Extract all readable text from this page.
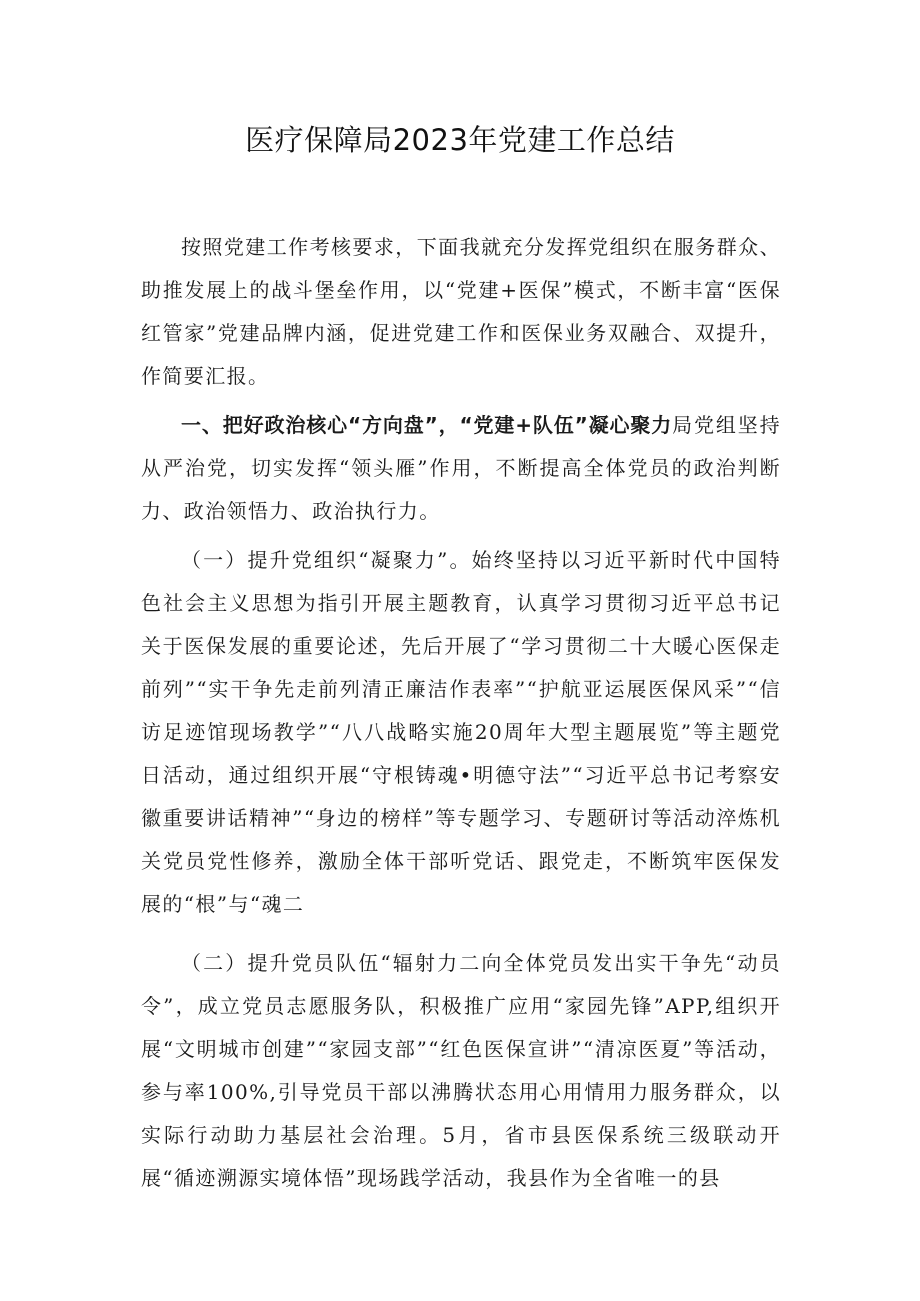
医疗保障局2023年党建工作总结

按照党建工作考核要求，下面我就充分发挥党组织在服务群众、助推发展上的战斗堡垒作用，以“党建+医保”模式，不断丰富“医保红管家”党建品牌内涵，促进党建工作和医保业务双融合、双提升，作简要汇报。

一、把好政治核心“方向盘”，“党建+队伍”凝心聚力局党组坚持从严治党，切实发挥“领头雁”作用，不断提高全体党员的政治判断力、政治领悟力、政治执行力。

（一）提升党组织“凝聚力”。始终坚持以习近平新时代中国特色社会主义思想为指引开展主题教育，认真学习贯彻习近平总书记关于医保发展的重要论述，先后开展了“学习贯彻二十大暖心医保走前列”“实干争先走前列清正廉洁作表率”“护航亚运展医保风采”“信访足迹馆现场教学”“八八战略实施20周年大型主题展览”等主题党日活动，通过组织开展“守根铸魂•明德守法”“习近平总书记考察安徽重要讲话精神”“身边的榜样”等专题学习、专题研讨等活动淬炼机关党员党性修养，激励全体干部听党话、跟党走，不断筑牢医保发展的“根”与“魂二

（二）提升党员队伍“辐射力二向全体党员发出实干争先“动员令”，成立党员志愿服务队，积极推广应用“家园先锋”APP,组织开展“文明城市创建”“家园支部”“红色医保宣讲”“清凉医夏”等活动，参与率100%,引导党员干部以沸腾状态用心用情用力服务群众，以实际行动助力基层社会治理。5月，省市县医保系统三级联动开展“循迹溯源实境体悟”现场践学活动，我县作为全省唯一的县
